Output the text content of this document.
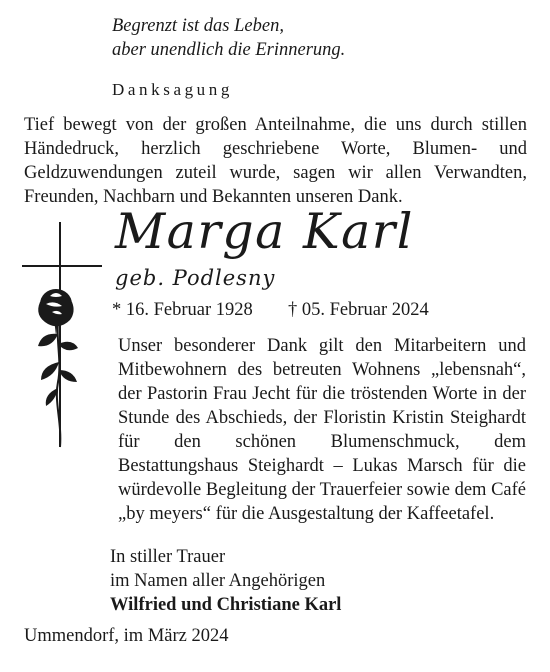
Begrenzt ist das Leben,
aber unendlich die Erinnerung.
Danksagung

Tief bewegt von der großen Anteilnahme, die uns durch stillen Händedruck, herzlich geschriebene Worte, Blumen- und Geldzuwendungen zuteil wurde, sagen wir allen Verwandten, Freunden, Nachbarn und Bekannten unseren Dank.

Marga Karl
geb. Podlesny
* 16. Februar 1928 † 05. Februar 2024

Unser besonderer Dank gilt den Mitarbeitern und Mitbewohnern des betreuten Wohnens „lebensnah“, der Pastorin Frau Jecht für die tröstenden Worte in der Stunde des Abschieds, der Floristin Kristin Steighardt für den schönen Blumenschmuck, dem Bestattungshaus Steighardt – Lukas Marsch für die würdevolle Begleitung der Trauerfeier sowie dem Café „by meyers“ für die Ausgestaltung der Kaffeetafel.

In stiller Trauer
im Namen aller Angehörigen
Wilfried und Christiane Karl
Ummendorf, im März 2024
